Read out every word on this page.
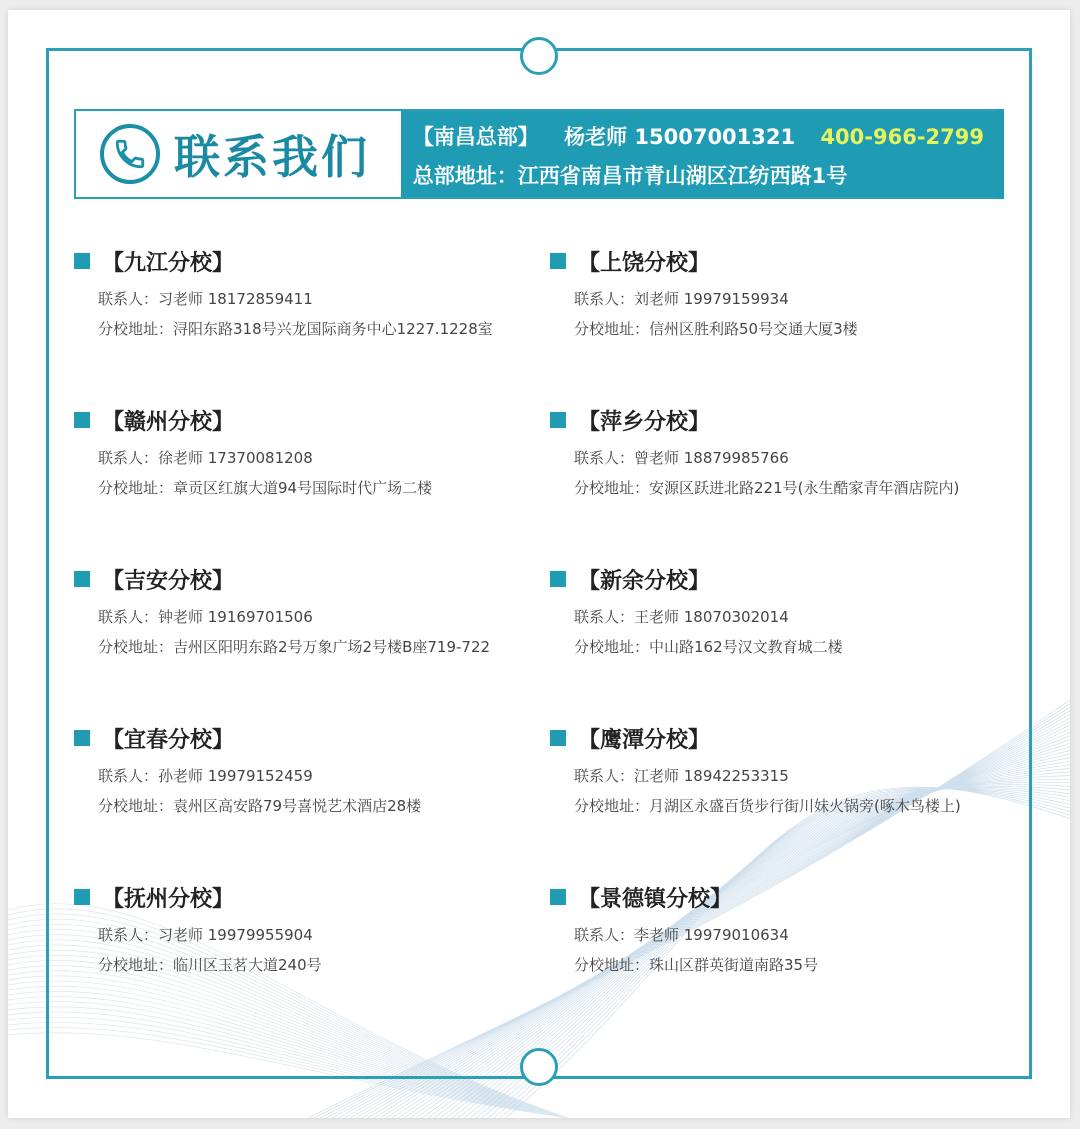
联系我们 【南昌总部】 杨老师 15007001321 400-966-2799
总部地址：江西省南昌市青山湖区江纺西路1号
【九江分校】
联系人：习老师 18172859411
分校地址：浔阳东路318号兴龙国际商务中心1227.1228室
【上饶分校】
联系人：刘老师 19979159934
分校地址：信州区胜利路50号交通大厦3楼
【赣州分校】
联系人：徐老师 17370081208
分校地址：章贡区红旗大道94号国际时代广场二楼
【萍乡分校】
联系人：曾老师 18879985766
分校地址：安源区跃进北路221号(永生酷家青年酒店院内)
【吉安分校】
联系人：钟老师 19169701506
分校地址：吉州区阳明东路2号万象广场2号楼B座719-722
【新余分校】
联系人：王老师 18070302014
分校地址：中山路162号汉文教育城二楼
【宜春分校】
联系人：孙老师 19979152459
分校地址：袁州区高安路79号喜悦艺术酒店28楼
【鹰潭分校】
联系人：江老师 18942253315
分校地址：月湖区永盛百货步行街川妹火锅旁(啄木鸟楼上)
【抚州分校】
联系人：习老师 19979955904
分校地址：临川区玉茗大道240号
【景德镇分校】
联系人：李老师 19979010634
分校地址：珠山区群英街道南路35号
